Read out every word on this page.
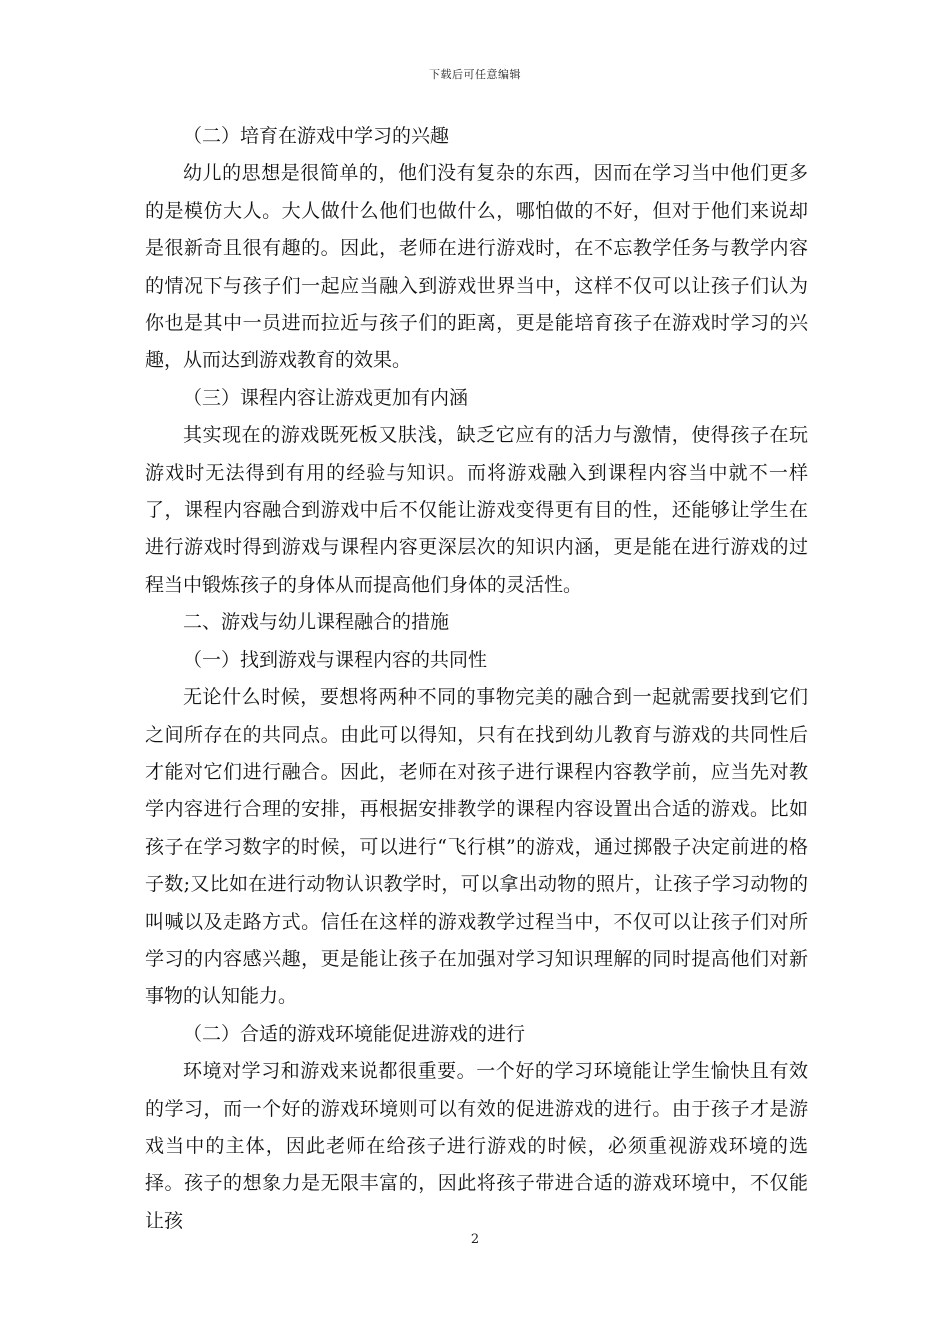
下载后可任意编辑

（二）培育在游戏中学习的兴趣

幼儿的思想是很简单的，他们没有复杂的东西，因而在学习当中他们更多的是模仿大人。大人做什么他们也做什么，哪怕做的不好，但对于他们来说却是很新奇且很有趣的。因此，老师在进行游戏时，在不忘教学任务与教学内容的情况下与孩子们一起应当融入到游戏世界当中，这样不仅可以让孩子们认为你也是其中一员进而拉近与孩子们的距离，更是能培育孩子在游戏时学习的兴趣，从而达到游戏教育的效果。

（三）课程内容让游戏更加有内涵

其实现在的游戏既死板又肤浅，缺乏它应有的活力与激情，使得孩子在玩游戏时无法得到有用的经验与知识。而将游戏融入到课程内容当中就不一样了，课程内容融合到游戏中后不仅能让游戏变得更有目的性，还能够让学生在进行游戏时得到游戏与课程内容更深层次的知识内涵，更是能在进行游戏的过程当中锻炼孩子的身体从而提高他们身体的灵活性。

二、游戏与幼儿课程融合的措施

（一）找到游戏与课程内容的共同性

无论什么时候，要想将两种不同的事物完美的融合到一起就需要找到它们之间所存在的共同点。由此可以得知，只有在找到幼儿教育与游戏的共同性后才能对它们进行融合。因此，老师在对孩子进行课程内容教学前，应当先对教学内容进行合理的安排，再根据安排教学的课程内容设置出合适的游戏。比如孩子在学习数字的时候，可以进行“飞行棋”的游戏，通过掷骰子决定前进的格子数;又比如在进行动物认识教学时，可以拿出动物的照片，让孩子学习动物的叫喊以及走路方式。信任在这样的游戏教学过程当中，不仅可以让孩子们对所学习的内容感兴趣，更是能让孩子在加强对学习知识理解的同时提高他们对新事物的认知能力。

（二）合适的游戏环境能促进游戏的进行

环境对学习和游戏来说都很重要。一个好的学习环境能让学生愉快且有效的学习，而一个好的游戏环境则可以有效的促进游戏的进行。由于孩子才是游戏当中的主体，因此老师在给孩子进行游戏的时候，必须重视游戏环境的选择。孩子的想象力是无限丰富的，因此将孩子带进合适的游戏环境中，不仅能让孩

2
